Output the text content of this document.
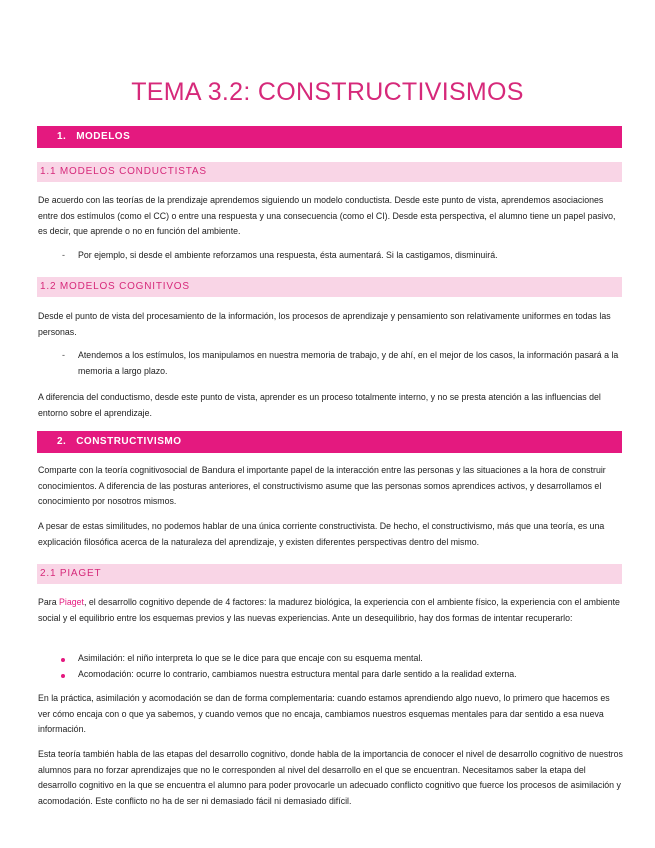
TEMA 3.2: CONSTRUCTIVISMOS
1. MODELOS
1.1 MODELOS CONDUCTISTAS

De acuerdo con las teorías de la prendizaje aprendemos siguiendo un modelo conductista. Desde este punto de vista, aprendemos asociaciones entre dos estímulos (como el CC) o entre una respuesta y una consecuencia (como el CI). Desde esta perspectiva, el alumno tiene un papel pasivo, es decir, que aprende o no en función del ambiente.

- Por ejemplo, si desde el ambiente reforzamos una respuesta, ésta aumentará. Si la castigamos, disminuirá.

1.2 MODELOS COGNITIVOS

Desde el punto de vista del procesamiento de la información, los procesos de aprendizaje y pensamiento son relativamente uniformes en todas las personas.

- Atendemos a los estímulos, los manipulamos en nuestra memoria de trabajo, y de ahí, en el mejor de los casos, la información pasará a la memoria a largo plazo.

A diferencia del conductismo, desde este punto de vista, aprender es un proceso totalmente interno, y no se presta atención a las influencias del entorno sobre el aprendizaje.

2. CONSTRUCTIVISMO

Comparte con la teoría cognitivosocial de Bandura el importante papel de la interacción entre las personas y las situaciones a la hora de construir conocimientos. A diferencia de las posturas anteriores, el constructivismo asume que las personas somos aprendices activos, y desarrollamos el conocimiento por nosotros mismos.

A pesar de estas similitudes, no podemos hablar de una única corriente constructivista. De hecho, el constructivismo, más que una teoría, es una explicación filosófica acerca de la naturaleza del aprendizaje, y existen diferentes perspectivas dentro del mismo.

2.1 PIAGET

Para Piaget, el desarrollo cognitivo depende de 4 factores: la madurez biológica, la experiencia con el ambiente físico, la experiencia con el ambiente social y el equilibrio entre los esquemas previos y las nuevas experiencias. Ante un desequilibrio, hay dos formas de intentar recuperarlo:

Asimilación: el niño interpreta lo que se le dice para que encaje con su esquema mental.

Acomodación: ocurre lo contrario, cambiamos nuestra estructura mental para darle sentido a la realidad externa.

En la práctica, asimilación y acomodación se dan de forma complementaria: cuando estamos aprendiendo algo nuevo, lo primero que hacemos es ver cómo encaja con o que ya sabemos, y cuando vemos que no encaja, cambiamos nuestros esquemas mentales para dar sentido a esa nueva información.

Esta teoría también habla de las etapas del desarrollo cognitivo, donde habla de la importancia de conocer el nivel de desarrollo cognitivo de nuestros alumnos para no forzar aprendizajes que no le corresponden al nivel del desarrollo en el que se encuentran. Necesitamos saber la etapa del desarrollo cognitivo en la que se encuentra el alumno para poder provocarle un adecuado conflicto cognitivo que fuerce los procesos de asimilación y acomodación. Este conflicto no ha de ser ni demasiado fácil ni demasiado difícil.
